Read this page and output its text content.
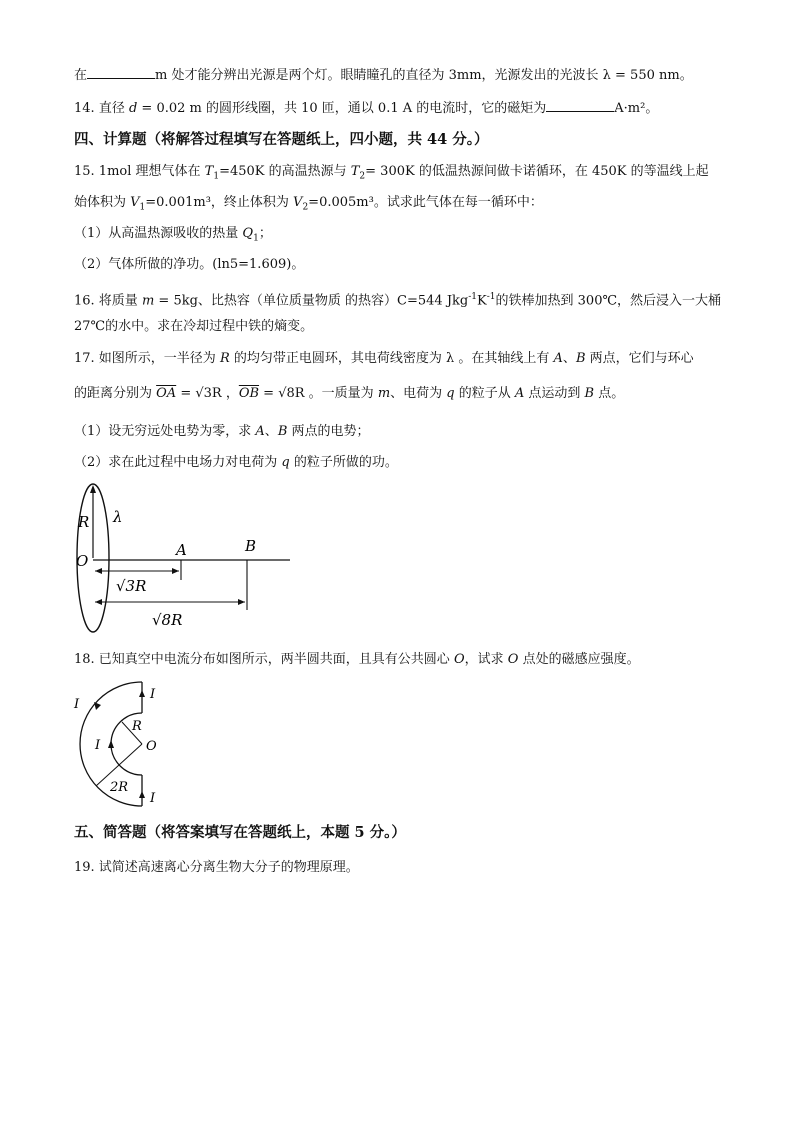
在	m 处才能分辨出光源是两个灯。眼睛瞳孔的直径为 3mm，光源发出的光波长 λ = 550 nm。
14. 直径 d = 0.02 m 的圆形线圈，共 10 匝，通以 0.1 A 的电流时，它的磁矩为	A·m²。
四、计算题（将解答过程填写在答题纸上，四小题，共 44 分。）
15. 1mol 理想气体在 $T_1=450K$ 的高温热源与 $T_2= 300K$ 的低温热源间做卡诺循环，在 450K 的等温线上起
始体积为 $V_1=0.001m^3$，终止体积为 $V_2=0.005m^3$。试求此气体在每一循环中：
（1）从高温热源吸收的热量 $Q_1$；
（2）气体所做的净功。(ln5=1.609)。
16. 将质量 m = 5kg、比热容（单位质量物质 的热容）C=544 $Jkg^{-1}K^{-1}$的铁棒加热到 300℃，然后浸入一大桶
27℃的水中。求在冷却过程中铁的熵变。
17. 如图所示，一半径为 R 的均匀带正电圆环，其电荷线密度为 λ 。在其轴线上有 A、B 两点，它们与环心
的距离分别为 $\overline{OA} = √3R$ ，$\overline{OB} = √8R$ 。一质量为 m、电荷为 q 的粒子从 A 点运动到 B 点。
（1）设无穷远处电势为零，求 A、B 两点的电势；
（2）求在此过程中电场力对电荷为 q 的粒子所做的功。
R λ
O
A	B
√3R
√8R
18. 已知真空中电流分布如图所示，两半圆共面，且具有公共圆心 O，试求 O 点处的磁感应强度。
I
I
I
I
R
O
2R
五、简答题（将答案填写在答题纸上，本题 5 分。）
19. 试简述高速离心分离生物大分子的物理原理。
